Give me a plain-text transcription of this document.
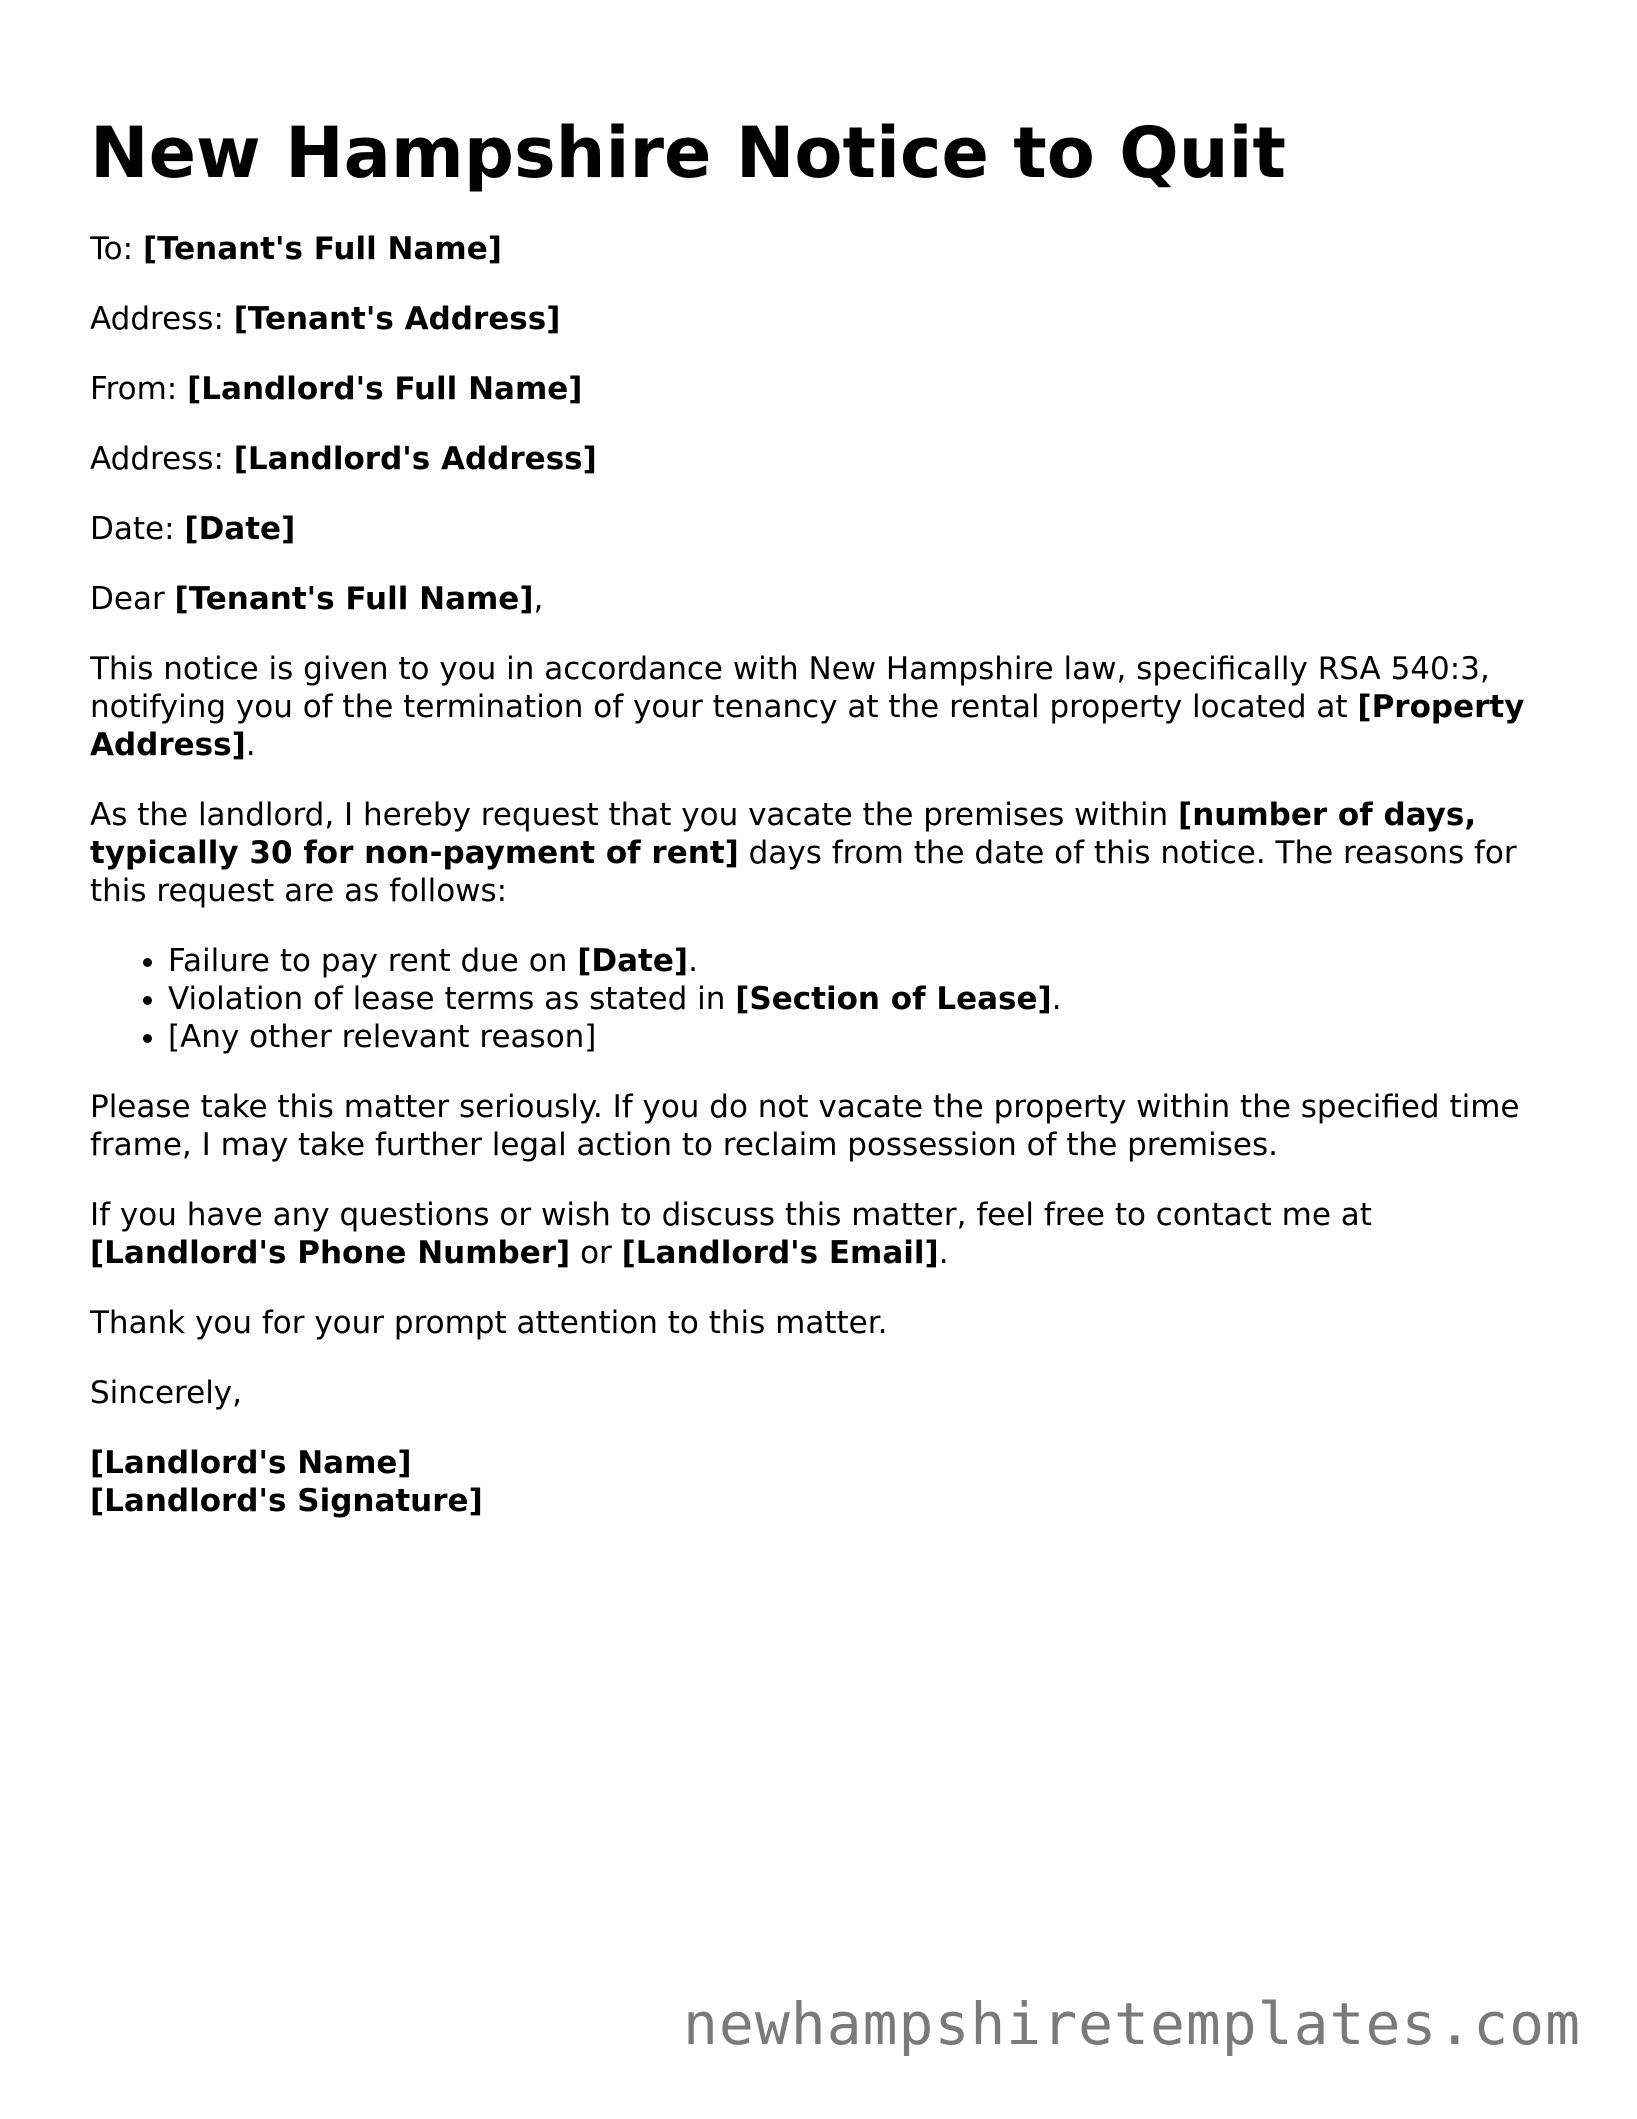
New Hampshire Notice to Quit

To: [Tenant's Full Name]

Address: [Tenant's Address]

From: [Landlord's Full Name]

Address: [Landlord's Address]

Date: [Date]

Dear [Tenant's Full Name],

This notice is given to you in accordance with New Hampshire law, specifically RSA 540:3, notifying you of the termination of your tenancy at the rental property located at [Property Address].

As the landlord, I hereby request that you vacate the premises within [number of days, typically 30 for non-payment of rent] days from the date of this notice. The reasons for this request are as follows:

• Failure to pay rent due on [Date].
• Violation of lease terms as stated in [Section of Lease].
• [Any other relevant reason]

Please take this matter seriously. If you do not vacate the property within the specified time frame, I may take further legal action to reclaim possession of the premises.

If you have any questions or wish to discuss this matter, feel free to contact me at [Landlord's Phone Number] or [Landlord's Email].

Thank you for your prompt attention to this matter.

Sincerely,

[Landlord's Name]
[Landlord's Signature]

newhampshiretemplates.com
